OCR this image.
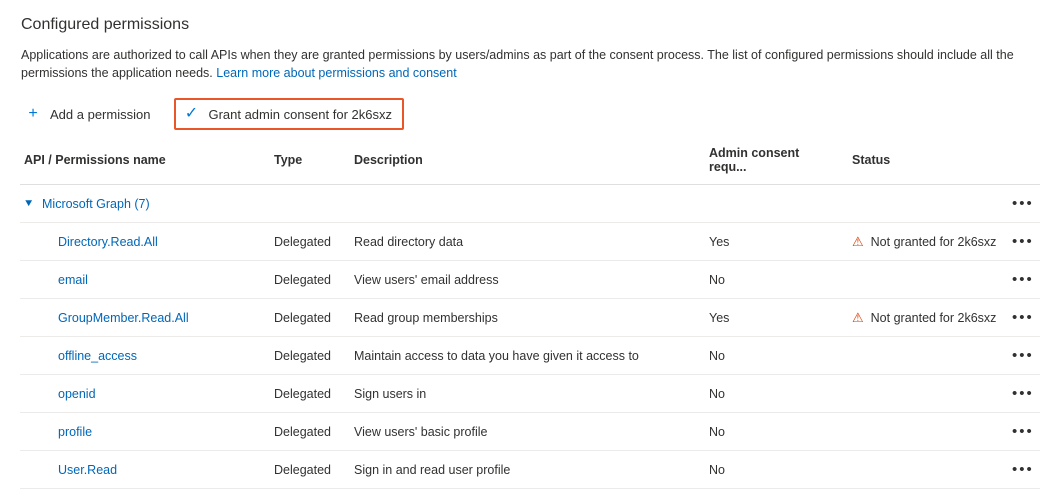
Configured permissions

Applications are authorized to call APIs when they are granted permissions by users/admins as part of the consent process. The list of configured permissions should include all the permissions the application needs. Learn more about permissions and consent

+ Add a permission ✓ Grant admin consent for 2k6sxz
API / Permissions name	Type	Description	Admin consent requ...	Status	

▼ Microsoft Graph (7)					•••

Directory.Read.All	Delegated	Read directory data	Yes	⚠ Not granted for 2k6sxz	•••

email	Delegated	View users' email address	No		•••

GroupMember.Read.All	Delegated	Read group memberships	Yes	⚠ Not granted for 2k6sxz	•••

offline_access	Delegated	Maintain access to data you have given it access to	No		•••

openid	Delegated	Sign users in	No		•••

profile	Delegated	View users' basic profile	No		•••

User.Read	Delegated	Sign in and read user profile	No		•••
